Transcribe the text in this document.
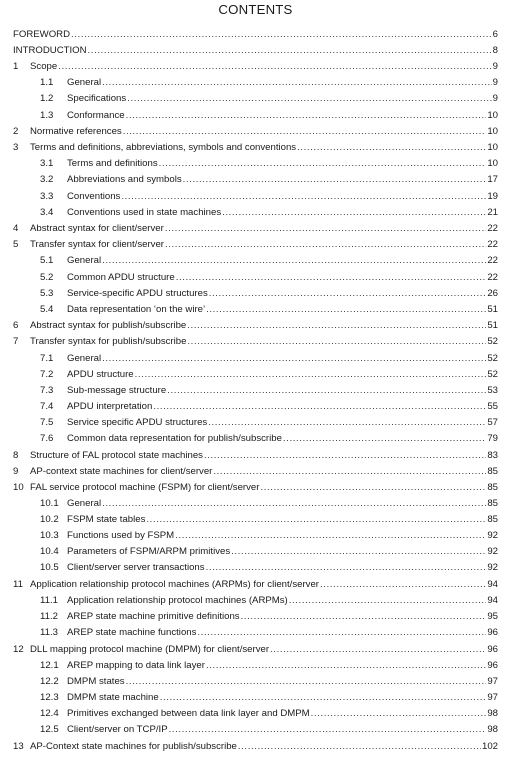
CONTENTS
FOREWORD .....	6
INTRODUCTION .....	8
1	Scope .....	9
1.1	General .....	9
1.2	Specifications .....	9
1.3	Conformance .....	10
2	Normative references .....	10
3	Terms and definitions, abbreviations, symbols and conventions .....	10
3.1	Terms and definitions .....	10
3.2	Abbreviations and symbols .....	17
3.3	Conventions .....	19
3.4	Conventions used in state machines .....	21
4	Abstract syntax for client/server .....	22
5	Transfer syntax for client/server .....	22
5.1	General .....	22
5.2	Common APDU structure .....	22
5.3	Service-specific APDU structures .....	26
5.4	Data representation ‘on the wire’ .....	51
6	Abstract syntax for publish/subscribe .....	51
7	Transfer syntax for publish/subscribe .....	52
7.1	General .....	52
7.2	APDU structure .....	52
7.3	Sub-message structure .....	53
7.4	APDU interpretation .....	55
7.5	Service specific APDU structures .....	57
7.6	Common data representation for publish/subscribe .....	79
8	Structure of FAL protocol state machines .....	83
9	AP-context state machines for client/server .....	85
10 FAL service protocol machine (FSPM) for client/server .....	85
10.1 General .....	85
10.2 FSPM state tables .....	85
10.3 Functions used by FSPM .....	92
10.4 Parameters of FSPM/ARPM primitives .....	92
10.5 Client/server server transactions .....	92
11 Application relationship protocol machines (ARPMs) for client/server .....	94
11.1 Application relationship protocol machines (ARPMs) .....	94
11.2 AREP state machine primitive definitions .....	95
11.3 AREP state machine functions .....	96
12 DLL mapping protocol machine (DMPM) for client/server .....	96
12.1 AREP mapping to data link layer .....	96
12.2 DMPM states .....	97
12.3 DMPM state machine .....	97
12.4 Primitives exchanged between data link layer and DMPM .....	98
12.5 Client/server on TCP/IP .....	98
13 AP-Context state machines for publish/subscribe .....	102
